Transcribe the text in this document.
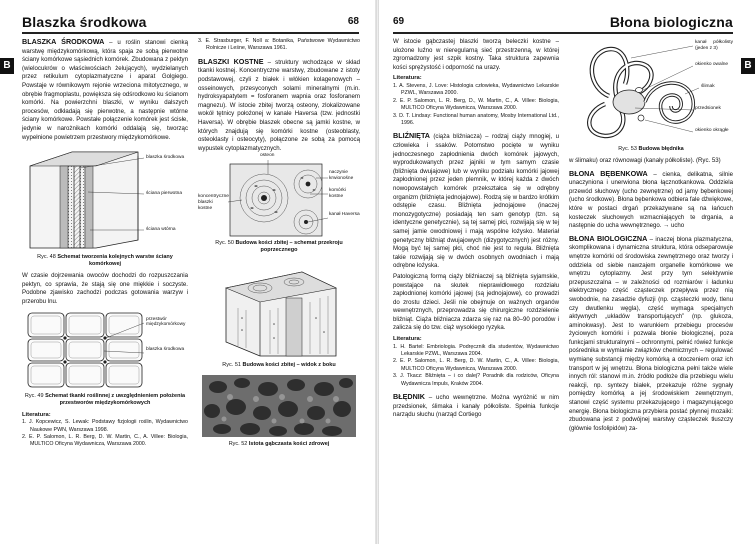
Blaszka środkowa	68
B

BLASZKA ŚRODKOWA – u roślin stanowi cienką warstwę międzykomórkową, która spaja ze sobą pierwotne ściany komórkowe sąsiednich komórek. Zbudowana z pektyn (wielocukrów o właściwościach żelujących), wydzielanych przez retikulum cytoplazmatyczne i aparat Golgiego. Powstaje w równikowym rejonie wrzeciona mitotycznego, w obrębie fragmoplastu, powiększa się odśrodkowo ku ścianom komórki. Na powierzchni blaszki, w wyniku dalszych procesów, odkładają się pierwotne, a następnie wtórne ściany komórkowe. Powstałe połączenie komórek jest ścisłe, jedynie w narożnikach komórki oddalają się, tworząc wypełnione powietrzem przestwory międzykomórkowe.

blaszka środkowa
ściana pierwotna
ściana wtórna
Ryc. 48 Schemat tworzenia kolejnych warstw ściany komórkowej

W czasie dojrzewania owoców dochodzi do rozpuszczania pektyn, co sprawia, że stają się one miękkie i soczyste. Podobne zjawisko zachodzi podczas gotowania warzyw i przerobu lnu.

przestwór międzykomórkowy
blaszka środkowa
Ryc. 49 Schemat tkanki roślinnej z uwzględnieniem położenia przestworów międzykomórkowych
Literatura:
1. J. Kopcewicz, S. Lewak: Podstawy fizjologii roślin, Wydawnictwo Naukowe PWN, Warszawa 1998.
2. E. P. Salomon, L. R. Berg, D. W. Martin, C., A. Villee: Biologia, MULTICO Oficyna Wydawnicza, Warszawa 2000.
3. E. Strasburger, F. Noll a: Botanika, Państwowe Wydawnictwo Rolnicze i Leśne, Warszawa 1961.

BLASZKI KOSTNE – struktury wchodzące w skład tkanki kostnej. Koncentryczne warstwy, zbudowane z istoty podstawowej, czyli z białek i włókien kolagenowych – osseinowych, przesyconych solami mineralnymi (m.in. hydroksyapatytem = fosforanem wapnia oraz fosforanem magnezu). W istocie zbitej tworzą osteony, zlokalizowane wokół tętnicy położonej w kanale Haversa (tzw. jednostki Haversa). W obrębie blaszek obecne są jamki kostne, w których znajdują się komórki kostne (osteoblasty, osteoklasty i osteocyty), połączone ze sobą za pomocą wypustek cytoplazmatycznych.

osteon
naczynie krwionośne
komórki kostne
kanał Haversa
koncentryczne blaszki kostne
Ryc. 50 Budowa kości zbitej – schemat przekroju poprzecznego
Ryc. 51 Budowa kości zbitej – widok z boku
Ryc. 52 Istota gąbczasta kości zdrowej
69	Błona biologiczna
B

W istocie gąbczastej blaszki tworzą beleczki kostne – ułożone luźno w nieregularną sieć przestrzenną, w której zgromadzony jest szpik kostny. Taka struktura zapewnia kości sprężystość i odporność na urazy.

Literatura:
1. A. Stevens, J. Love: Histologia człowieka, Wydawnictwo Lekarskie PZWL, Warszawa 2000.
2. E. P. Salomon, L. R. Berg, D., W. Martin, C., A. Villee: Biologia, MULTICO Oficyna Wydawnicza, Warszawa 2000.
3. D. T. Lindsay: Functional human anatomy, Mosby International Ltd., 1996.

BLIŹNIĘTA (ciąża bliźniacza) – rodzaj ciąży mnogiej, u człowieka i ssaków. Potomstwo pocięte w wyniku jednoczesnego zapłodnienia dwóch komórek jajowych, wyprodukowanych przez jajniki w tym samym czasie (bliźnięta dwujajowe) lub w wyniku podziału komórki jajowej zapłodnionej przez jeden plemnik, w której każda z dwóch nowopowstałych komórek przekształca się w odrębny organizm (bliźnięta jednojajowe). Rodzą się w bardzo krótkim odstępie czasu. Bliźnięta jednojajowe (inaczej monozygotyczne) posiadają ten sam genotyp (tzn. są identyczne genetycznie), są tej samej płci, rozwijają się w tej samej jamie owodniowej i mają wspólne łożysko. Materiał genetyczny bliźniąt dwujajowych (dizygotycznych) jest różny. Mogą być tej samej płci, choć nie jest to reguła. Bliźnięta takie rozwijają się w dwóch osobnych owodniach i mają odrębne łożyska.

Patologiczną formą ciąży bliźniaczej są bliźnięta syjamskie, powstające na skutek nieprawidłowego rozdziału zapłodnionej komórki jajowej (są jednojajowe), co prowadzi do zrostu dzieci. Jeśli nie obejmuje on ważnych organów wewnętrznych, przeprowadza się chirurgiczne rozdzielenie bliźniąt. Ciąża bliźniacza zdarza się raz na 80–90 porodów i zalicza się do tzw. ciąż wysokiego ryzyka.

Literatura:
1. H. Bartel: Embriologia. Podręcznik dla studentów, Wydawnictwo Lekarskie PZWL, Warszawa 2004.
2. E. P. Salomon, L. R. Berg, D. W. Martin, C., A. Villee: Biologia, MULTICO Oficyna Wydawnicza, Warszawa 2000.
3. J. Tkacz: Bliźnięta – i co dalej? Poradnik dla rodziców, Oficyna Wydawnicza Impuls, Kraków 2004.

BŁĘDNIK – ucho wewnętrzne. Można wyróżnić w nim przedsionek, ślimaka i kanały półkoliste. Spełnia funkcje narządu słuchu (narząd Cortiego

kanał półkolisty (jeden z 3)
okienko owalne
ślimak
przedsionek
okienko okrągłe
Ryc. 53 Budowa błędnika

w ślimaku) oraz równowagi (kanały półkoliste). (Ryc. 53)

BŁONA BĘBENKOWA – cienka, delikatna, silnie unaczyniona i unerwiona błona łącznotkankowa. Oddziela przewód słuchowy (ucho zewnętrzne) od jamy bębenkowej (ucho środkowe). Błona bębenkowa odbiera fale dźwiękowe, które w postaci drgań przekazywane są na łańcuch kosteczek słuchowych wzmacniających te drgania, a następnie do ucha wewnętrznego. → ucho

BŁONA BIOLOGICZNA – inaczej błona plazmatyczna, skomplikowana i dynamiczna struktura, która odseparowuje wnętrze komórki od środowiska zewnętrznego oraz tworzy i oddziela od siebie nawzajem organelle komórkowe we wnętrzu cytoplazmy. Jest przy tym selektywnie przepuszczalna – w zależności od rozmiarów i ładunku elektrycznego część cząsteczek przepływa przez nią swobodnie, na zasadzie dyfuzji (np. cząsteczki wody, tlenu czy dwutlenku węgla), część wymaga specjalnych aktywnych „układów transportujących” (np. glukoza, aminokwasy). Jest to warunkiem przebiegu procesów życiowych komórki i pozwala błonie biologicznej, poza funkcjami strukturalnymi – ochronnymi, pełnić rówież funkcje pośrednika w wymianie związków chemicznych – regulować wymianę substancji między komórką a otoczeniem oraz ich transport w jej wnętrzu. Błona biologiczna pełni także wiele innych ról: stanowi m.in. źródło podłoże dla przebiegu wielu reakcji, np. syntezy białek, przekazuje różne sygnały pomiędzy komórką a jej środowiskiem zewnętrznym, stanowi część systemu przekazującego i magazynującego energię. Błona biologiczna przybiera postać płynnej mozaiki: zbudowana jest z podwójnej warstwy cząsteczek tłuszczy (głównie fosfolipidów) za-
